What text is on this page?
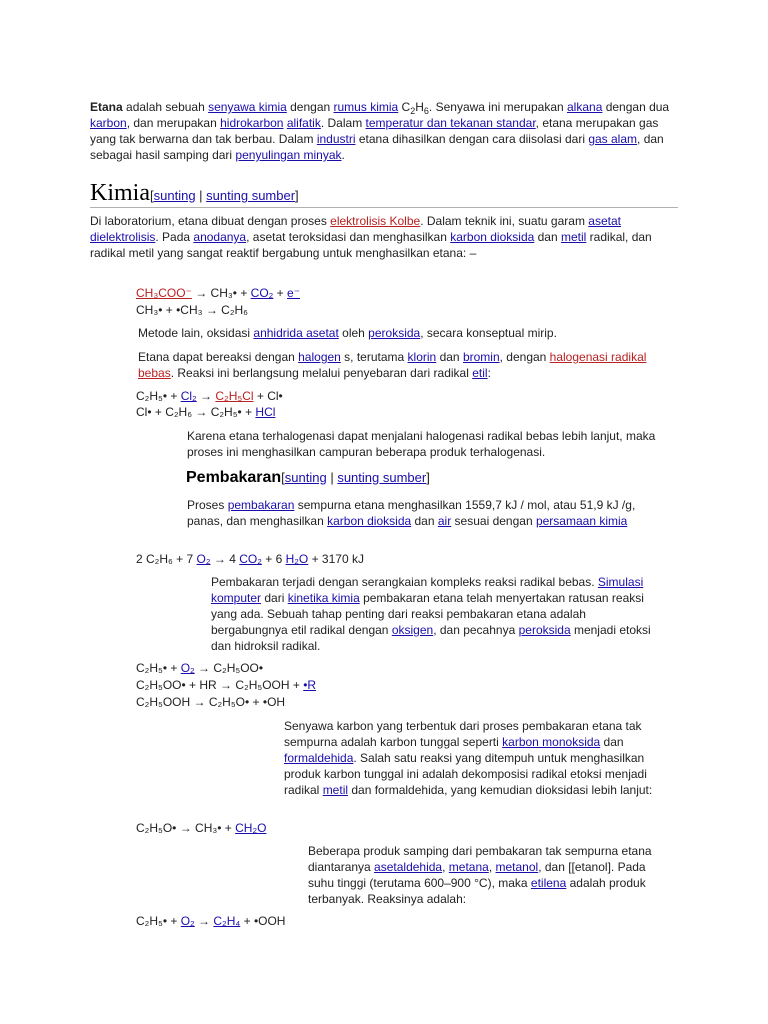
Etana adalah sebuah senyawa kimia dengan rumus kimia $C_2H_6$. Senyawa ini merupakan alkana dengan dua karbon, dan merupakan hidrokarbon alifatik. Dalam temperatur dan tekanan standar, etana merupakan gas yang tak berwarna dan tak berbau. Dalam industri etana dihasilkan dengan cara diisolasi dari gas alam, dan sebagai hasil samping dari penyulingan minyak.
Kimia[sunting | sunting sumber]
Di laboratorium, etana dibuat dengan proses elektrolisis Kolbe. Dalam teknik ini, suatu garam asetat dielektrolisis. Pada anodanya, asetat teroksidasi dan menghasilkan karbon dioksida dan metil radikal, dan radikal metil yang sangat reaktif bergabung untuk menghasilkan etana: –
CH₃COO⁻ → CH₃• + CO₂ + e⁻
CH₃• + •CH₃ → C₂H₆
Metode lain, oksidasi anhidrida asetat oleh peroksida, secara konseptual mirip.
Etana dapat bereaksi dengan halogen s, terutama klorin dan bromin, dengan halogenasi radikal bebas. Reaksi ini berlangsung melalui penyebaran dari radikal etil:
C₂H₅• + Cl₂ → C₂H₅Cl + Cl•
Cl• + C₂H₆ → C₂H₅• + HCl
Karena etana terhalogenasi dapat menjalani halogenasi radikal bebas lebih lanjut, maka proses ini menghasilkan campuran beberapa produk terhalogenasi.
Pembakaran[sunting | sunting sumber]
Proses pembakaran sempurna etana menghasilkan 1559,7 kJ / mol, atau 51,9 kJ /g, panas, dan menghasilkan karbon dioksida dan air sesuai dengan persamaan kimia
2 C₂H₆ + 7 O₂ → 4 CO₂ + 6 H₂O + 3170 kJ
Pembakaran terjadi dengan serangkaian kompleks reaksi radikal bebas. Simulasi komputer dari kinetika kimia pembakaran etana telah menyertakan ratusan reaksi yang ada. Sebuah tahap penting dari reaksi pembakaran etana adalah bergabungnya etil radikal dengan oksigen, dan pecahnya peroksida menjadi etoksi dan hidroksil radikal.
C₂H₅• + O₂ → C₂H₅OO•
C₂H₅OO• + HR → C₂H₅OOH + •R
C₂H₅OOH → C₂H₅O• + •OH
Senyawa karbon yang terbentuk dari proses pembakaran etana tak sempurna adalah karbon tunggal seperti karbon monoksida dan formaldehida. Salah satu reaksi yang ditempuh untuk menghasilkan produk karbon tunggal ini adalah dekomposisi radikal etoksi menjadi radikal metil dan formaldehida, yang kemudian dioksidasi lebih lanjut:
C₂H₅O• → CH₃• + CH₂O
Beberapa produk samping dari pembakaran tak sempurna etana diantaranya asetaldehida, metana, metanol, dan [[etanol]. Pada suhu tinggi (terutama 600–900 °C), maka etilena adalah produk terbanyak. Reaksinya adalah:
C₂H₅• + O₂ → C₂H₄ + •OOH
